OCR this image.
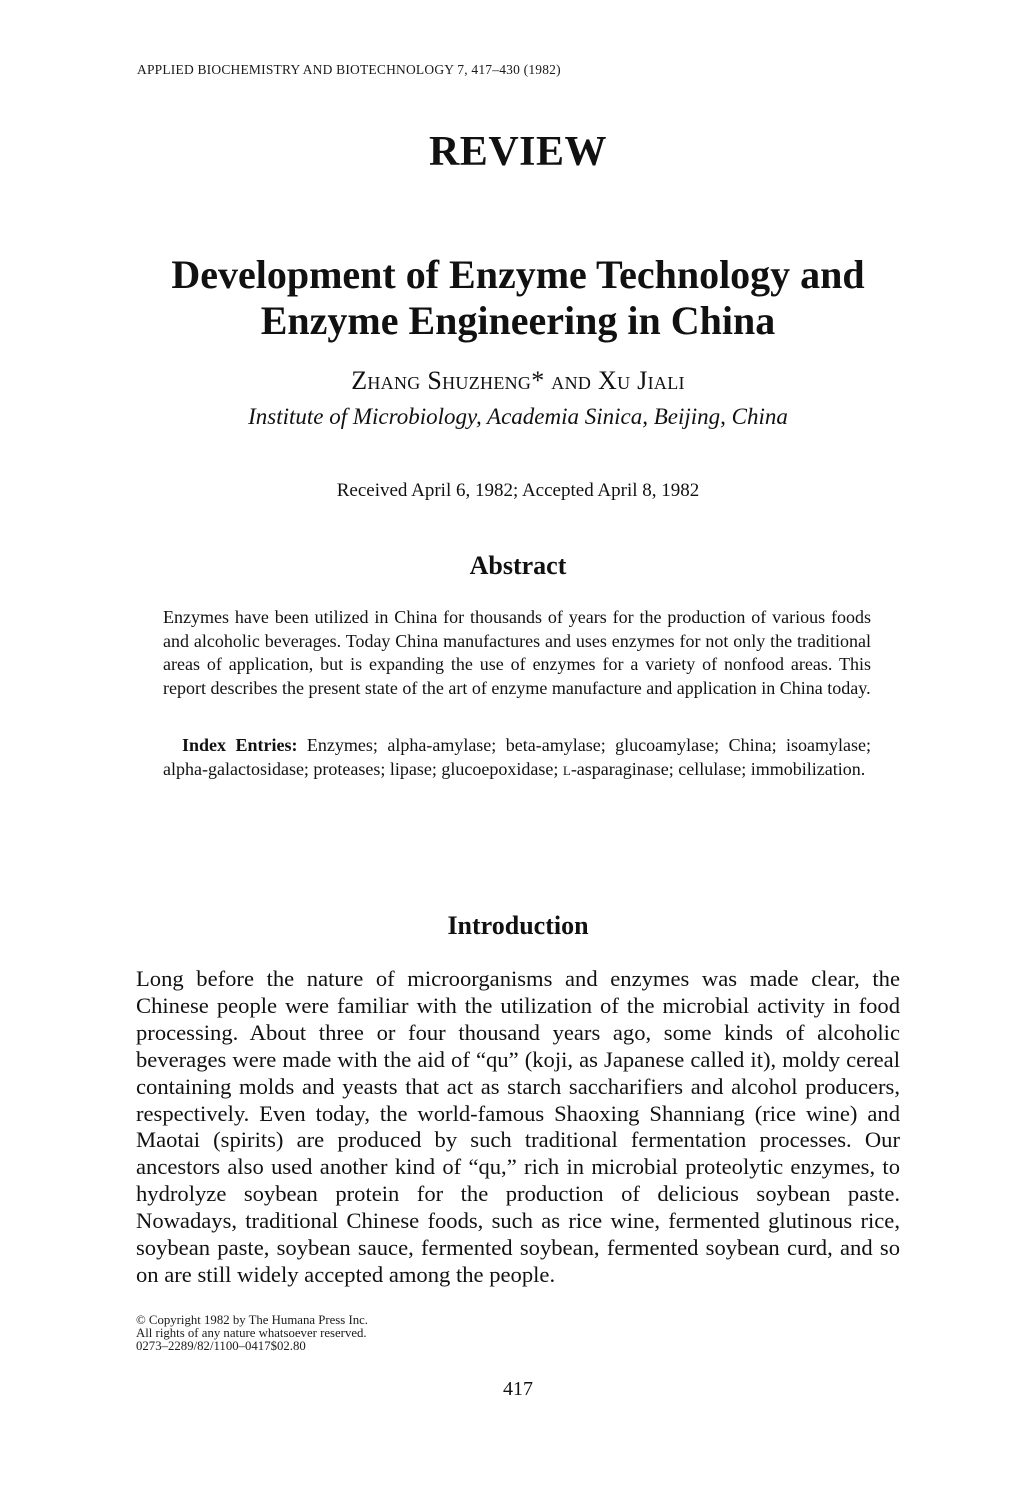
APPLIED BIOCHEMISTRY AND BIOTECHNOLOGY 7, 417–430 (1982)
REVIEW
Development of Enzyme Technology and
Enzyme Engineering in China
Zhang Shuzheng* and Xu Jiali
Institute of Microbiology, Academia Sinica, Beijing, China
Received April 6, 1982; Accepted April 8, 1982
Abstract
Enzymes have been utilized in China for thousands of years for the production of various foods and alcoholic beverages. Today China manufactures and uses enzymes for not only the traditional areas of application, but is expanding the use of enzymes for a variety of nonfood areas. This report describes the present state of the art of enzyme manufacture and application in China today.
Index Entries: Enzymes; alpha-amylase; beta-amylase; glucoamylase; China; isoamylase; alpha-galactosidase; proteases; lipase; glucoepoxidase; l-asparaginase; cellulase; immobilization.
Introduction
Long before the nature of microorganisms and enzymes was made clear, the Chinese people were familiar with the utilization of the microbial activity in food processing. About three or four thousand years ago, some kinds of alcoholic beverages were made with the aid of “qu” (koji, as Japanese called it), moldy cereal containing molds and yeasts that act as starch saccharifiers and alcohol producers, respectively. Even today, the world-famous Shaoxing Shanniang (rice wine) and Maotai (spirits) are produced by such traditional fermentation processes. Our ancestors also used another kind of “qu,” rich in microbial proteolytic enzymes, to hydrolyze soybean protein for the production of delicious soybean paste. Nowadays, traditional Chinese foods, such as rice wine, fermented glutinous rice, soybean paste, soybean sauce, fermented soybean, fermented soybean curd, and so on are still widely accepted among the people.
© Copyright 1982 by The Humana Press Inc.
All rights of any nature whatsoever reserved.
0273–2289/82/1100–0417$02.80
417
